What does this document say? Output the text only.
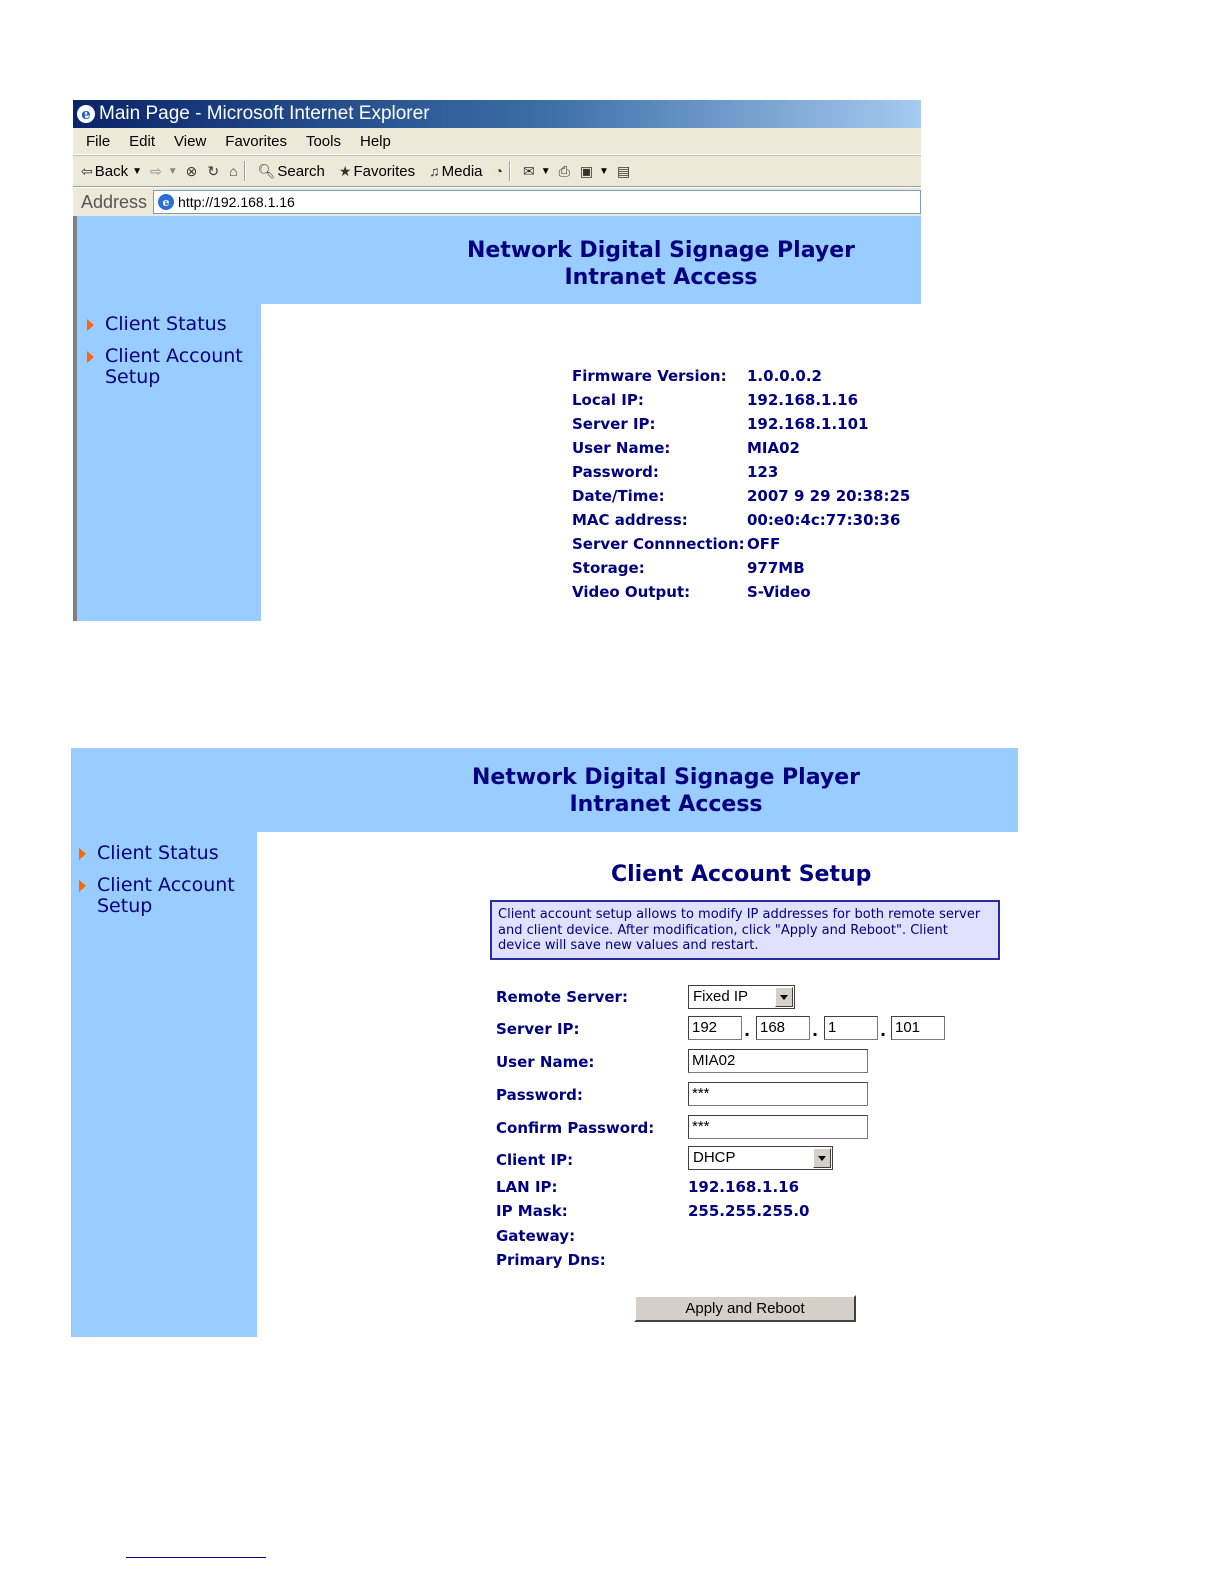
e Main Page - Microsoft Internet Explorer
File Edit View Favorites Tools Help
⇦ Back ▼ ⇨ ▼ ⊗ ↻ ⌂ 🔍︎ Search ★ Favorites ♫ Media ◔ ✉ ▼ ⎙ ▣ ▼ ▤
Address	e http://192.168.1.16
Network Digital Signage Player
Intranet Access
Client Status
Client Account
Setup	Firmware Version:	1.0.0.0.2
Local IP:	192.168.1.16
Server IP:	192.168.1.101
User Name:	MIA02
Password:	123
Date/Time:	2007 9 29 20:38:25
MAC address:	00:e0:4c:77:30:36
Server Connnection: OFF
Storage:	977MB
Video Output:	S-Video
Network Digital Signage Player
Intranet Access
Client Status
Client Account
Setup
Client Account Setup
Client account setup allows to modify IP addresses for both remote server and client device. After modification, click "Apply and Reboot". Client device will save new values and restart.
Remote Server:	Fixed IP
Server IP:	192	. 168	. 1	. 101
User Name:	MIA02
Password:	***
Confirm Password:	***
Client IP:	DHCP
LAN IP:	192.168.1.16
IP Mask:	255.255.255.0
Gateway:
Primary Dns:
Apply and Reboot
